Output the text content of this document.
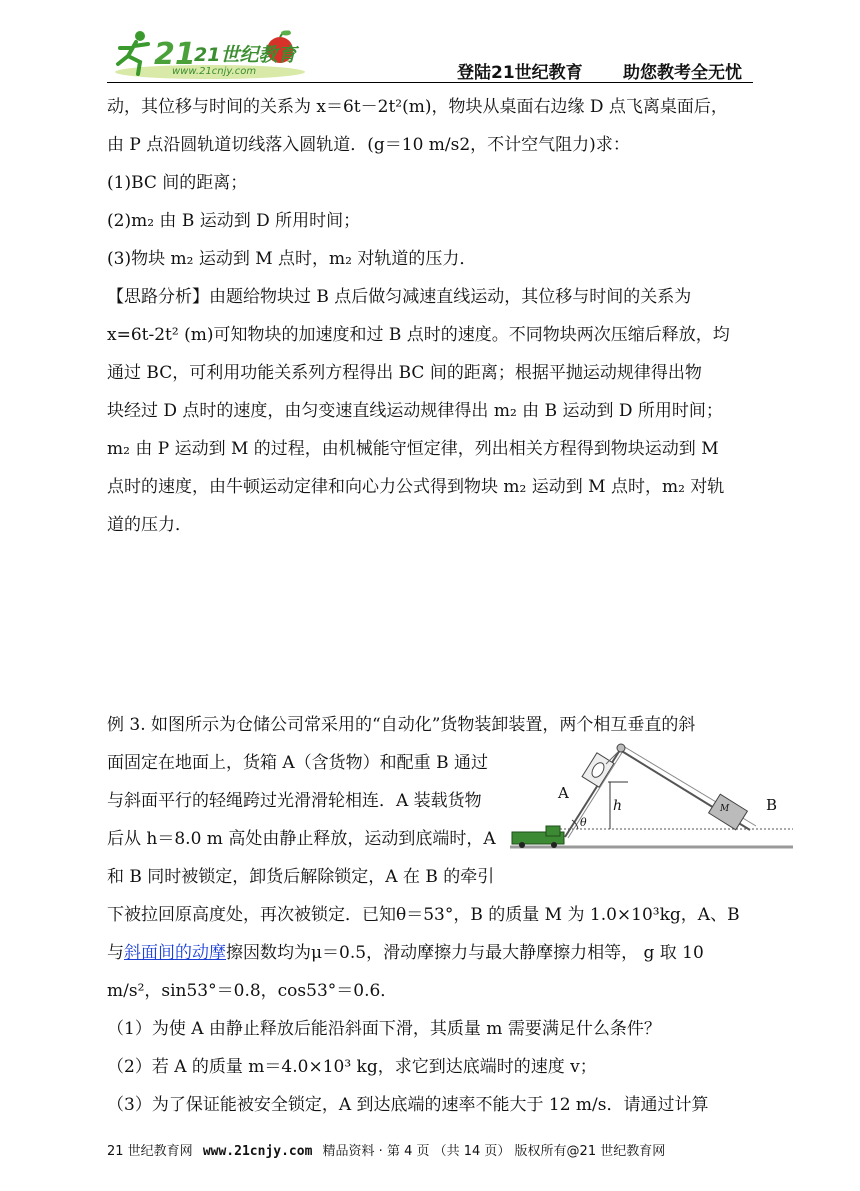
21
21世纪教育
www.21cnjy.com	登陆21世纪教育 助您教考全无忧
动，其位移与时间的关系为 x＝6t－2t²(m)，物块从桌面右边缘 D 点飞离桌面后，
由 P 点沿圆轨道切线落入圆轨道．(g＝10 m/s2，不计空气阻力)求：
(1)BC 间的距离；
(2)m₂ 由 B 运动到 D 所用时间；
(3)物块 m₂ 运动到 M 点时，m₂ 对轨道的压力．
【思路分析】由题给物块过 B 点后做匀减速直线运动，其位移与时间的关系为
x=6t-2t² (m)可知物块的加速度和过 B 点时的速度。不同物块两次压缩后释放，均
通过 BC，可利用功能关系列方程得出 BC 间的距离；根据平抛运动规律得出物
块经过 D 点时的速度，由匀变速直线运动规律得出 m₂ 由 B 运动到 D 所用时间；
m₂ 由 P 运动到 M 的过程，由机械能守恒定律，列出相关方程得到物块运动到 M
点时的速度，由牛顿运动定律和向心力公式得到物块 m₂ 运动到 M 点时，m₂ 对轨
道的压力．
例 3. 如图所示为仓储公司常采用的“自动化”货物装卸装置，两个相互垂直的斜
面固定在地面上，货箱 A（含货物）和配重 B 通过
与斜面平行的轻绳跨过光滑滑轮相连．A 装载货物
后从 h＝8.0 m 高处由静止释放，运动到底端时，A
和 B 同时被锁定，卸货后解除锁定，A 在 B 的牵引
下被拉回原高度处，再次被锁定．已知θ＝53°，B 的质量 M 为 1.0×10³kg，A、B
与斜面间的动摩擦因数均为μ＝0.5，滑动摩擦力与最大静摩擦力相等， g 取 10
m/s²，sin53°＝0.8，cos53°＝0.6．
（1）为使 A 由静止释放后能沿斜面下滑，其质量 m 需要满足什么条件？
（2）若 A 的质量 m＝4.0×10³ kg，求它到达底端时的速度 v；
（3）为了保证能被安全锁定，A 到达底端的速率不能大于 12 m/s．请通过计算
A
B
h
θ
M
21 世纪教育网 www.21cnjy.com 精品资料 · 第 4 页 （共 14 页） 版权所有@21 世纪教育网
